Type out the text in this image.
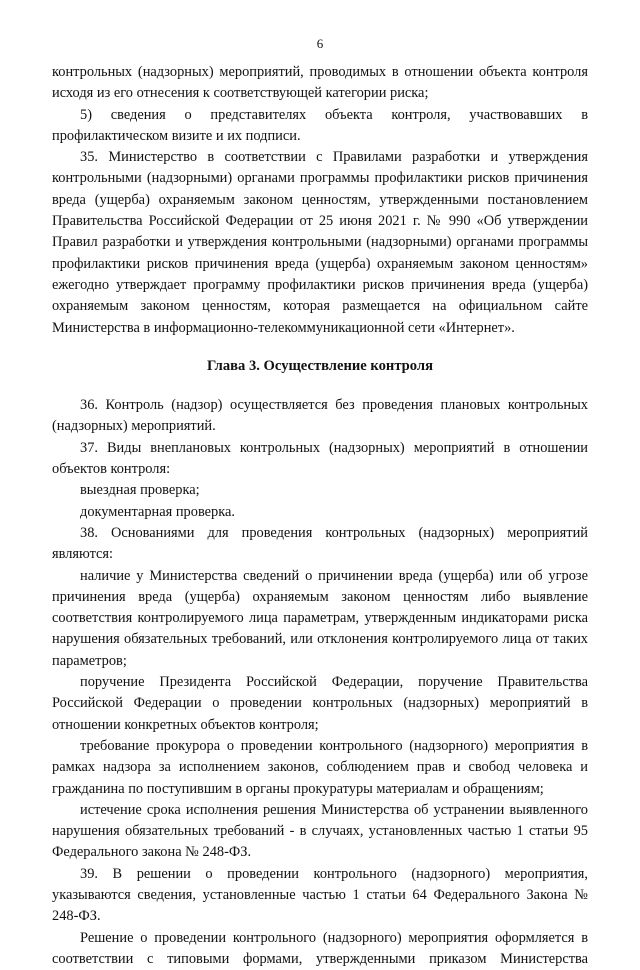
6

контрольных (надзорных) мероприятий, проводимых в отношении объекта контроля исходя из его отнесения к соответствующей категории риска;

5) сведения о представителях объекта контроля, участвовавших в профилактическом визите и их подписи.

35. Министерство в соответствии с Правилами разработки и утверждения контрольными (надзорными) органами программы профилактики рисков причинения вреда (ущерба) охраняемым законом ценностям, утвержденными постановлением Правительства Российской Федерации от 25 июня 2021 г. № 990 «Об утверждении Правил разработки и утверждения контрольными (надзорными) органами программы профилактики рисков причинения вреда (ущерба) охраняемым законом ценностям» ежегодно утверждает программу профилактики рисков причинения вреда (ущерба) охраняемым законом ценностям, которая размещается на официальном сайте Министерства в информационно-телекоммуникационной сети «Интернет».

Глава 3. Осуществление контроля

36. Контроль (надзор) осуществляется без проведения плановых контрольных (надзорных) мероприятий.

37. Виды внеплановых контрольных (надзорных) мероприятий в отношении объектов контроля:

выездная проверка;

документарная проверка.

38. Основаниями для проведения контрольных (надзорных) мероприятий являются:

наличие у Министерства сведений о причинении вреда (ущерба) или об угрозе причинения вреда (ущерба) охраняемым законом ценностям либо выявление соответствия контролируемого лица параметрам, утвержденным индикаторами риска нарушения обязательных требований, или отклонения контролируемого лица от таких параметров;

поручение Президента Российской Федерации, поручение Правительства Российской Федерации о проведении контрольных (надзорных) мероприятий в отношении конкретных объектов контроля;

требование прокурора о проведении контрольного (надзорного) мероприятия в рамках надзора за исполнением законов, соблюдением прав и свобод человека и гражданина по поступившим в органы прокуратуры материалам и обращениям;

истечение срока исполнения решения Министерства об устранении выявленного нарушения обязательных требований - в случаях, установленных частью 1 статьи 95 Федерального закона № 248-ФЗ.

39. В решении о проведении контрольного (надзорного) мероприятия, указываются сведения, установленные частью 1 статьи 64 Федерального Закона № 248-ФЗ.

Решение о проведении контрольного (надзорного) мероприятия оформляется в соответствии с типовыми формами, утвержденными приказом Министерства
